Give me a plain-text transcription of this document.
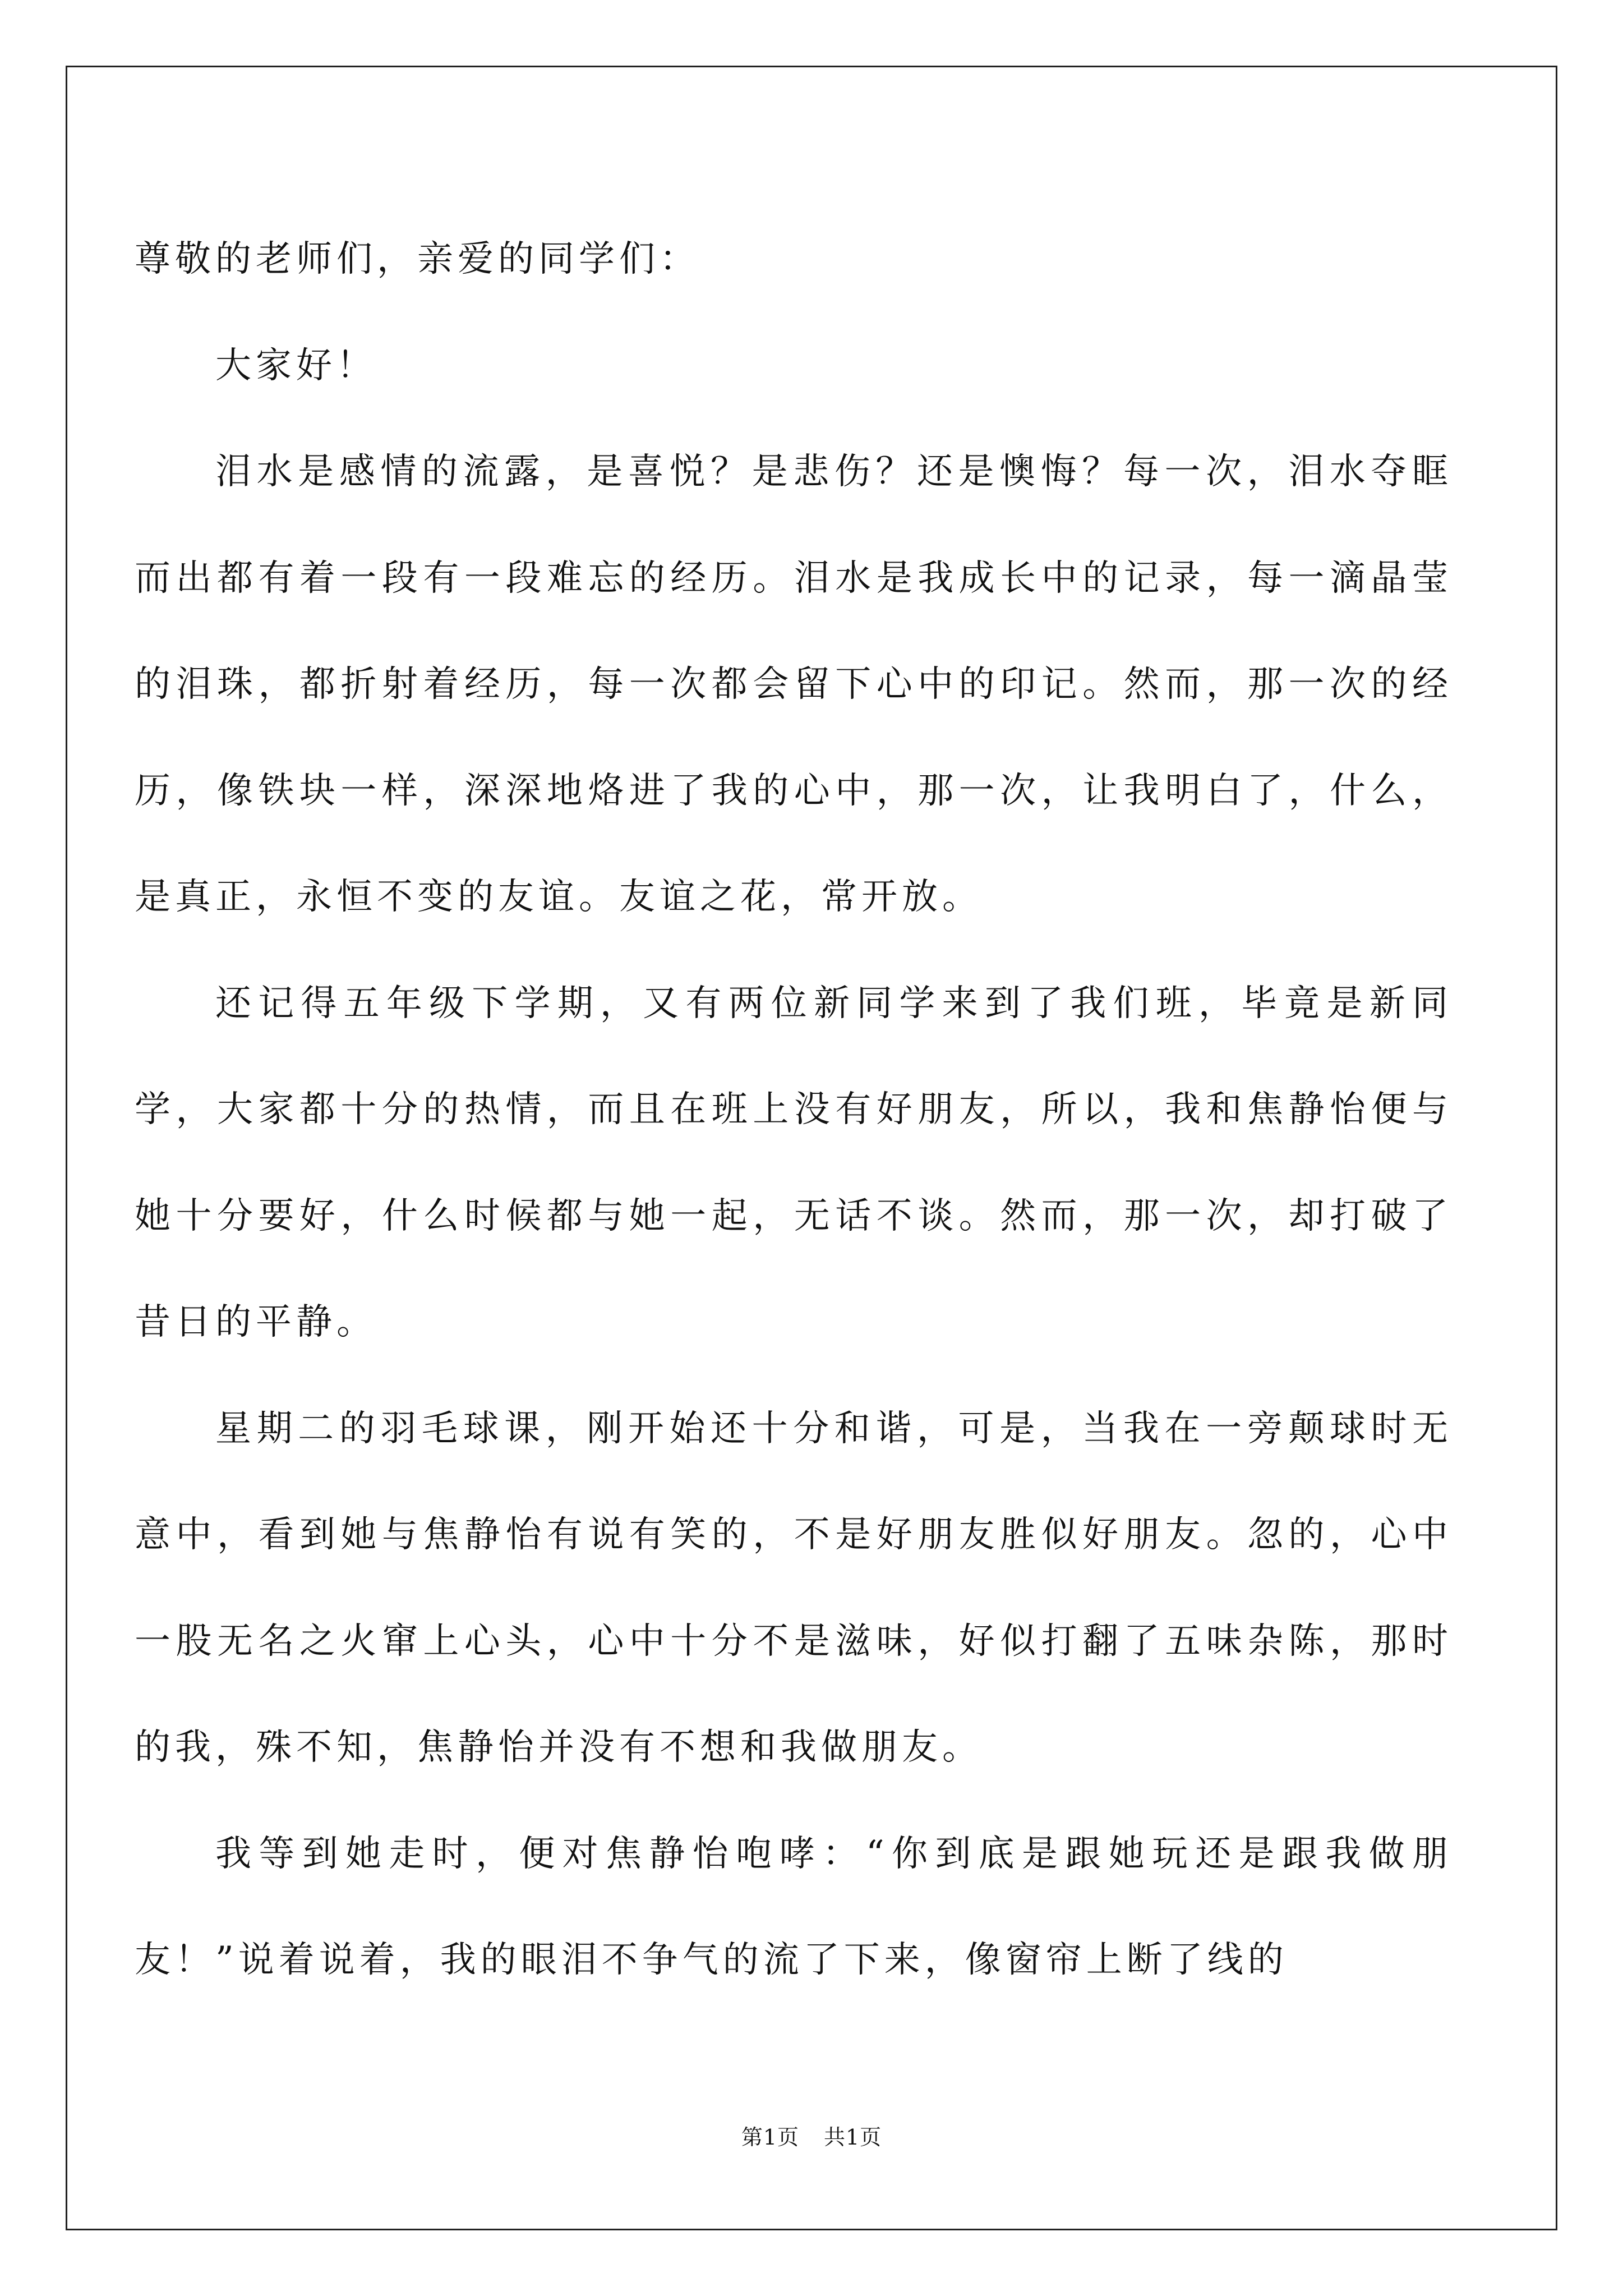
尊敬的老师们，亲爱的同学们：

大家好！

泪水是感情的流露，是喜悦？是悲伤？还是懊悔？每一次，泪水夺眶而出都有着一段有一段难忘的经历。泪水是我成长中的记录，每一滴晶莹的泪珠，都折射着经历，每一次都会留下心中的印记。然而，那一次的经历，像铁块一样，深深地烙进了我的心中，那一次，让我明白了，什么，是真正，永恒不变的友谊。友谊之花，常开放。

还记得五年级下学期，又有两位新同学来到了我们班，毕竟是新同学，大家都十分的热情，而且在班上没有好朋友，所以，我和焦静怡便与她十分要好，什么时候都与她一起，无话不谈。然而，那一次，却打破了昔日的平静。

星期二的羽毛球课，刚开始还十分和谐，可是，当我在一旁颠球时无意中，看到她与焦静怡有说有笑的，不是好朋友胜似好朋友。忽的，心中一股无名之火窜上心头，心中十分不是滋味，好似打翻了五味杂陈，那时的我，殊不知，焦静怡并没有不想和我做朋友。

我等到她走时，便对焦静怡咆哮：“你到底是跟她玩还是跟我做朋友！”说着说着，我的眼泪不争气的流了下来，像窗帘上断了线的

第1页 共1页
